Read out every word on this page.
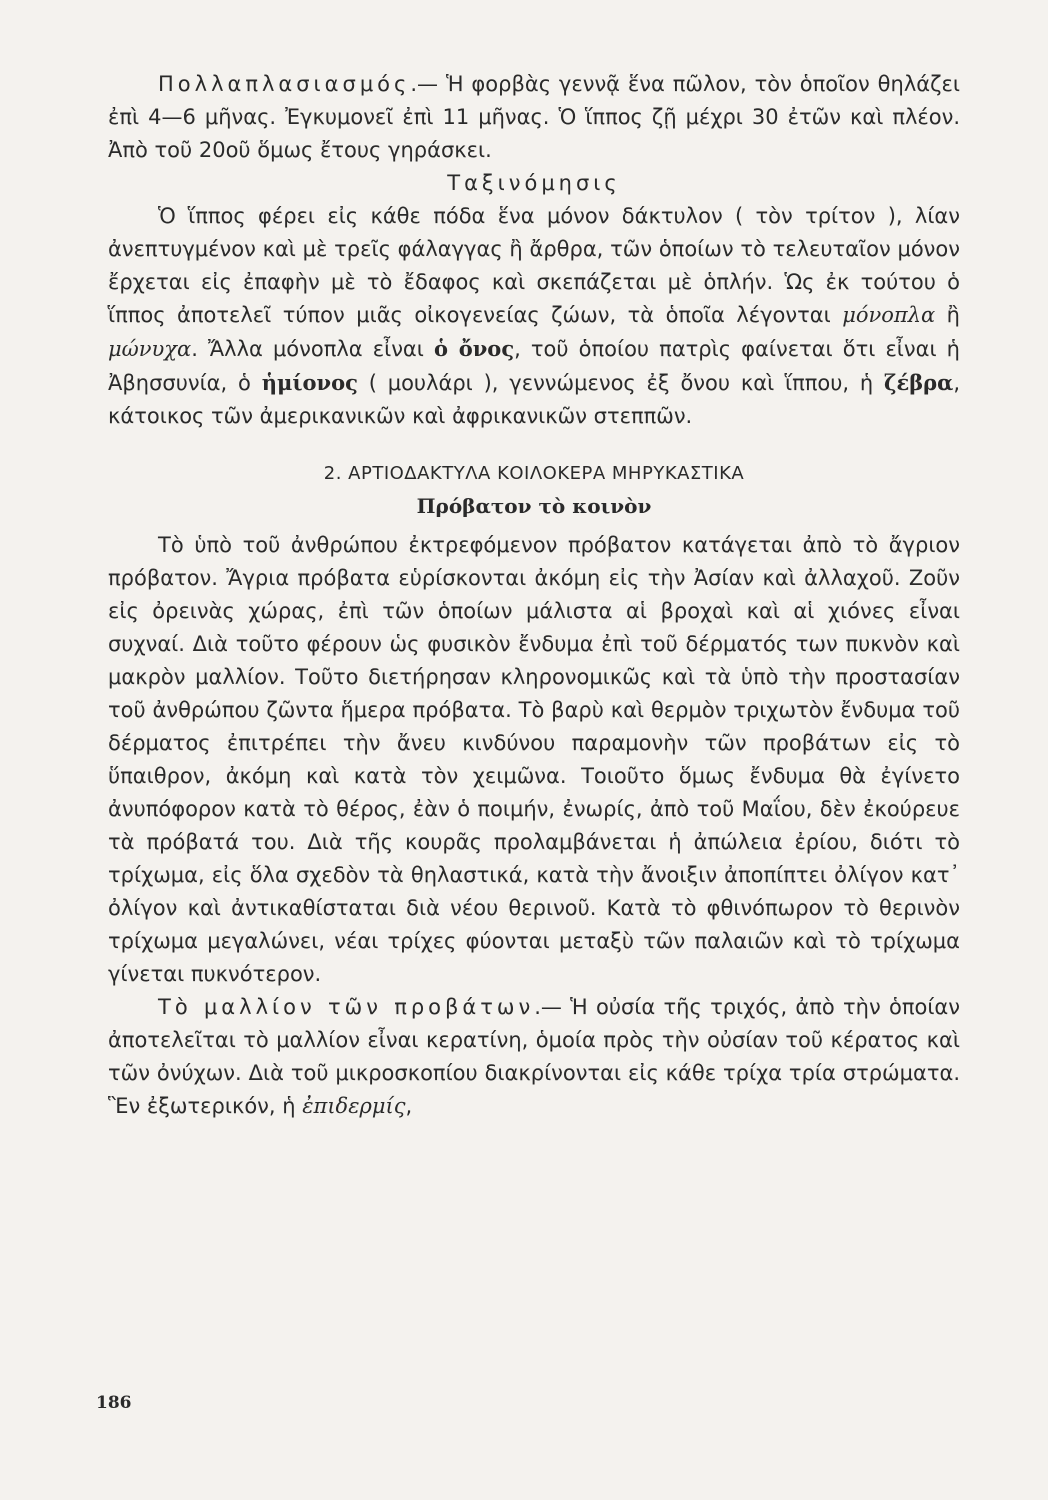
Πολλαπλασιασμός.— Ἡ φορβὰς γεννᾷ ἕνα πῶλον, τὸν ὁποῖον θηλάζει ἐπὶ 4—6 μῆνας. Ἐγκυμονεῖ ἐπὶ 11 μῆνας. Ὁ ἵππος ζῇ μέχρι 30 ἐτῶν καὶ πλέον. Ἀπὸ τοῦ 20οῦ ὅμως ἔτους γηράσκει.

Ταξινόμησις

Ὁ ἵππος φέρει εἰς κάθε πόδα ἕνα μόνον δάκτυλον ( τὸν τρίτον ), λίαν ἀνεπτυγμένον καὶ μὲ τρεῖς φάλαγγας ἢ ἄρθρα, τῶν ὁποίων τὸ τελευταῖον μόνον ἔρχεται εἰς ἐπαφὴν μὲ τὸ ἔδαφος καὶ σκεπάζεται μὲ ὁπλήν. Ὡς ἐκ τούτου ὁ ἵππος ἀποτελεῖ τύπον μιᾶς οἰκογενείας ζώων, τὰ ὁποῖα λέγονται μόνοπλα ἢ μώνυχα. Ἄλλα μόνοπλα εἶναι ὁ ὄνος, τοῦ ὁποίου πατρὶς φαίνεται ὅτι εἶναι ἡ Ἀβησσυνία, ὁ ἡμίονος ( μουλάρι ), γεννώμενος ἐξ ὄνου καὶ ἵππου, ἡ ζέβρα, κάτοικος τῶν ἀμερικανικῶν καὶ ἀφρικανικῶν στεππῶν.

2. ΑΡΤΙΟΔΑΚΤΥΛΑ ΚΟΙΛΟΚΕΡΑ ΜΗΡΥΚΑΣΤΙΚΑ

Πρόβατον τὸ κοινὸν

Τὸ ὑπὸ τοῦ ἀνθρώπου ἐκτρεφόμενον πρόβατον κατάγεται ἀπὸ τὸ ἄγριον πρόβατον. Ἄγρια πρόβατα εὑρίσκονται ἀκόμη εἰς τὴν Ἀσίαν καὶ ἀλλαχοῦ. Ζοῦν εἰς ὀρεινὰς χώρας, ἐπὶ τῶν ὁποίων μάλιστα αἱ βροχαὶ καὶ αἱ χιόνες εἶναι συχναί. Διὰ τοῦτο φέρουν ὡς φυσικὸν ἔνδυμα ἐπὶ τοῦ δέρματός των πυκνὸν καὶ μακρὸν μαλλίον. Τοῦτο διετήρησαν κληρονομικῶς καὶ τὰ ὑπὸ τὴν προστασίαν τοῦ ἀνθρώπου ζῶντα ἥμερα πρόβατα. Τὸ βαρὺ καὶ θερμὸν τριχωτὸν ἔνδυμα τοῦ δέρματος ἐπιτρέπει τὴν ἄνευ κινδύνου παραμονὴν τῶν προβάτων εἰς τὸ ὕπαιθρον, ἀκόμη καὶ κατὰ τὸν χειμῶνα. Τοιοῦτο ὅμως ἔνδυμα θὰ ἐγίνετο ἀνυπόφορον κατὰ τὸ θέρος, ἐὰν ὁ ποιμήν, ἐνωρίς, ἀπὸ τοῦ Μαΐου, δὲν ἐκούρευε τὰ πρόβατά του. Διὰ τῆς κουρᾶς προλαμβάνεται ἡ ἀπώλεια ἐρίου, διότι τὸ τρίχωμα, εἰς ὅλα σχεδὸν τὰ θηλαστικά, κατὰ τὴν ἄνοιξιν ἀποπίπτει ὀλίγον κατ᾽ ὀλίγον καὶ ἀντικαθίσταται διὰ νέου θερινοῦ. Κατὰ τὸ φθινόπωρον τὸ θερινὸν τρίχωμα μεγαλώνει, νέαι τρίχες φύονται μεταξὺ τῶν παλαιῶν καὶ τὸ τρίχωμα γίνεται πυκνότερον.

Τὸ μαλλίον τῶν προβάτων.— Ἡ οὐσία τῆς τριχός, ἀπὸ τὴν ὁποίαν ἀποτελεῖται τὸ μαλλίον εἶναι κερατίνη, ὁμοία πρὸς τὴν οὐσίαν τοῦ κέρατος καὶ τῶν ὀνύχων. Διὰ τοῦ μικροσκοπίου διακρίνονται εἰς κάθε τρίχα τρία στρώματα. Ἓν ἐξωτερικόν, ἡ ἐπιδερμίς,

186
